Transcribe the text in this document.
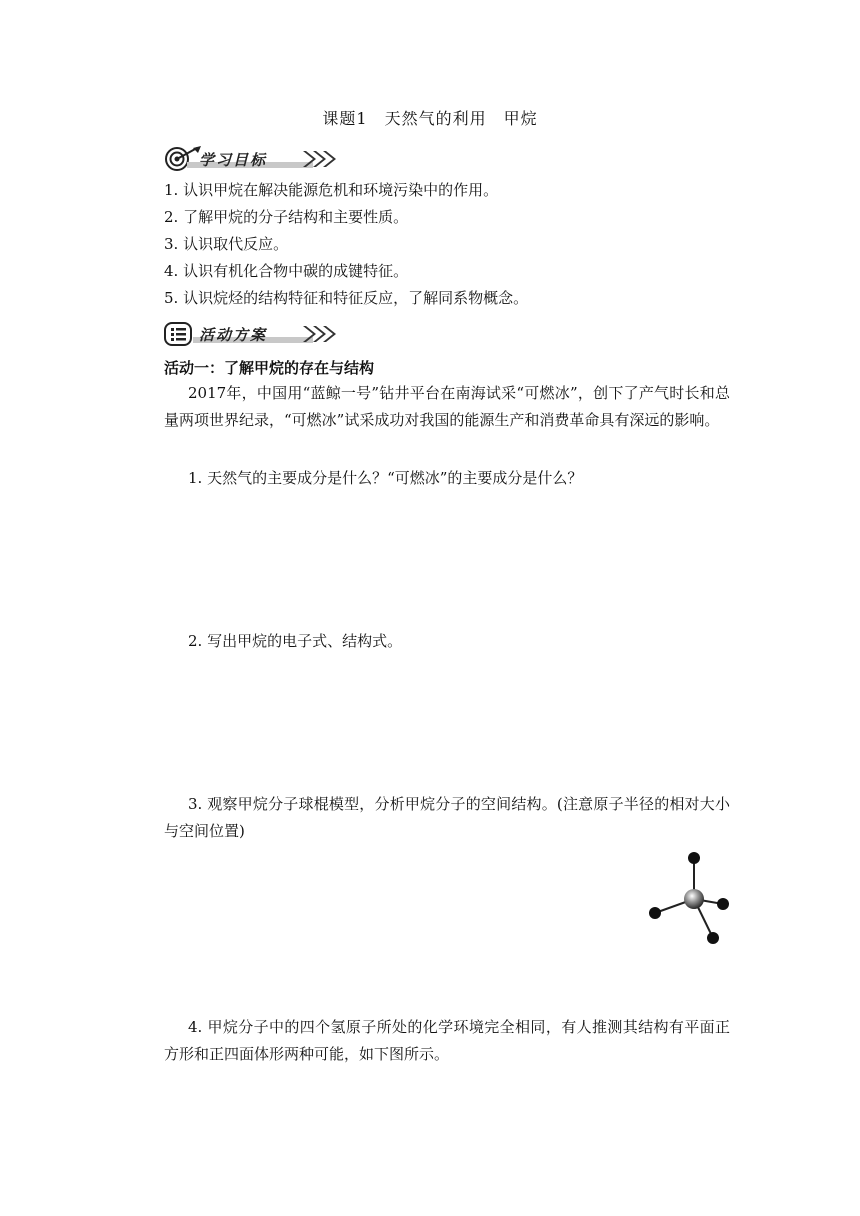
课题1　天然气的利用　甲烷
学习目标
1. 认识甲烷在解决能源危机和环境污染中的作用。
2. 了解甲烷的分子结构和主要性质。
3. 认识取代反应。
4. 认识有机化合物中碳的成键特征。
5. 认识烷烃的结构特征和特征反应，了解同系物概念。
活动方案
活动一：了解甲烷的存在与结构
2017年，中国用“蓝鲸一号”钻井平台在南海试采“可燃冰”，创下了产气时长和总量两项世界纪录，“可燃冰”试采成功对我国的能源生产和消费革命具有深远的影响。
1. 天然气的主要成分是什么？“可燃冰”的主要成分是什么？
2. 写出甲烷的电子式、结构式。
3. 观察甲烷分子球棍模型，分析甲烷分子的空间结构。(注意原子半径的相对大小与空间位置)
4. 甲烷分子中的四个氢原子所处的化学环境完全相同，有人推测其结构有平面正方形和正四面体形两种可能，如下图所示。
